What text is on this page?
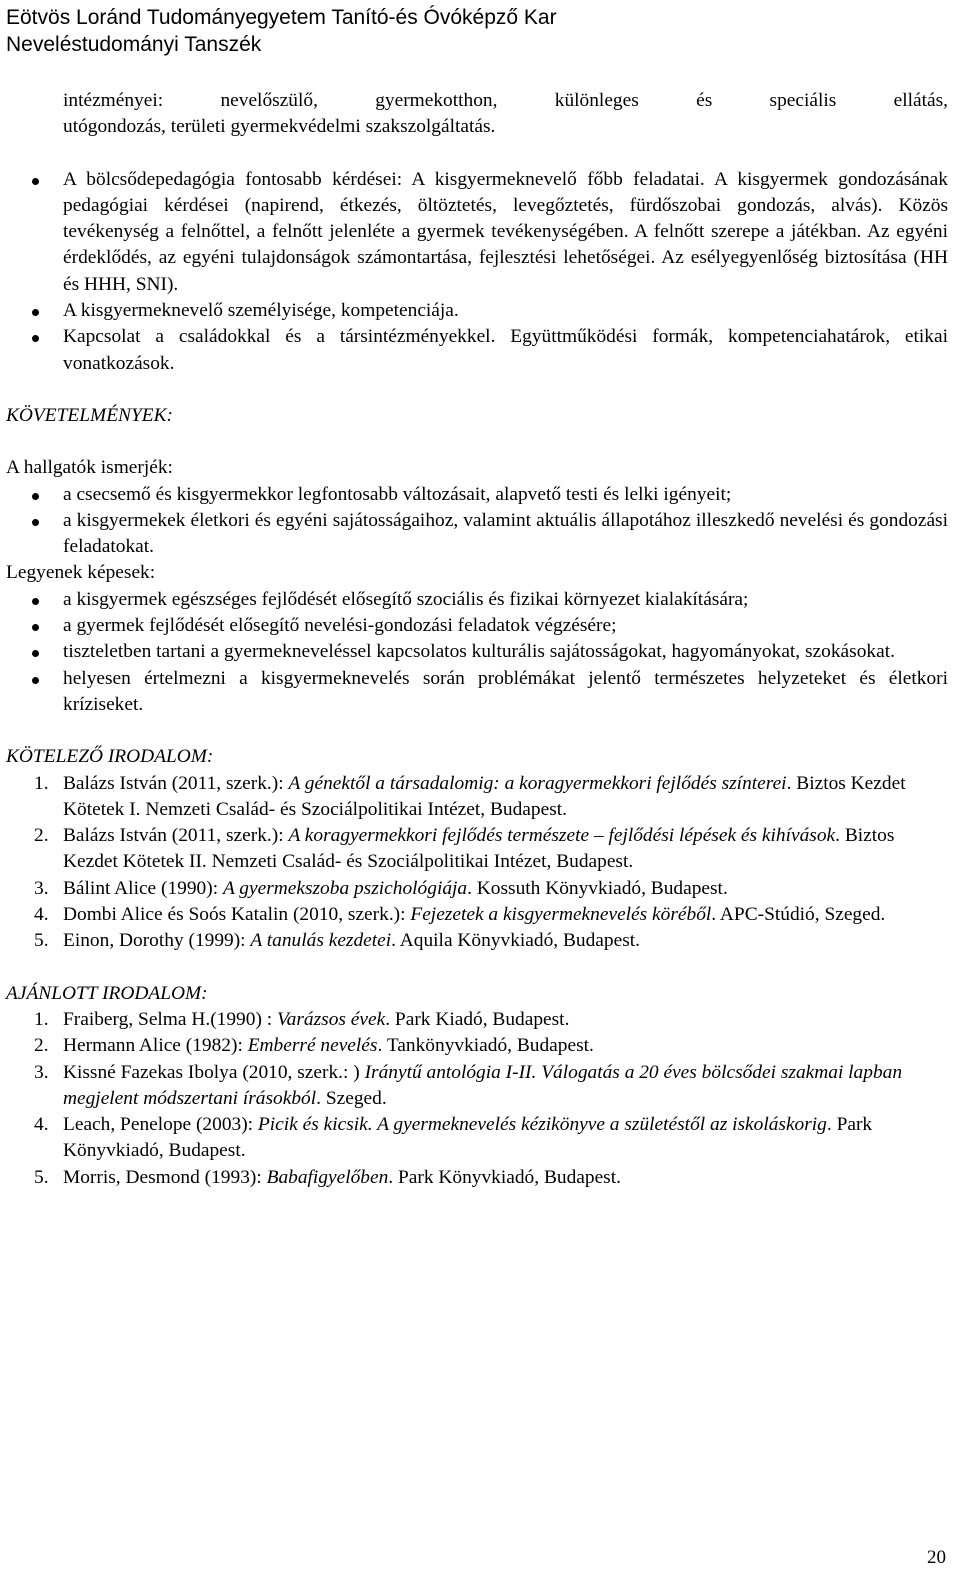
Eötvös Loránd Tudományegyetem Tanító-és Óvóképző Kar
Neveléstudományi Tanszék
intézményei: nevelőszülő, gyermekotthon, különleges és speciális ellátás,
utógondozás, területi gyermekvédelmi szakszolgáltatás.
A bölcsődepedagógia fontosabb kérdései: A kisgyermeknevelő főbb feladatai. A kisgyermek gondozásának pedagógiai kérdései (napirend, étkezés, öltöztetés, levegőztetés, fürdőszobai gondozás, alvás). Közös tevékenység a felnőttel, a felnőtt jelenléte a gyermek tevékenységében. A felnőtt szerepe a játékban. Az egyéni érdeklődés, az egyéni tulajdonságok számontartása, fejlesztési lehetőségei. Az esélyegyenlőség biztosítása (HH és HHH, SNI).
A kisgyermeknevelő személyisége, kompetenciája.
Kapcsolat a családokkal és a társintézményekkel. Együttműködési formák, kompetenciahatárok, etikai vonatkozások.
KÖVETELMÉNYEK:
A hallgatók ismerjék:
a csecsemő és kisgyermekkor legfontosabb változásait, alapvető testi és lelki igényeit;
a kisgyermekek életkori és egyéni sajátosságaihoz, valamint aktuális állapotához illeszkedő nevelési és gondozási feladatokat.
Legyenek képesek:
a kisgyermek egészséges fejlődését elősegítő szociális és fizikai környezet kialakítására;
a gyermek fejlődését elősegítő nevelési-gondozási feladatok végzésére;
tiszteletben tartani a gyermekneveléssel kapcsolatos kulturális sajátosságokat, hagyományokat, szokásokat.
helyesen értelmezni a kisgyermeknevelés során problémákat jelentő természetes helyzeteket és életkori kríziseket.
KÖTELEZŐ IRODALOM:
1. Balázs István (2011, szerk.): A génektől a társadalomig: a koragyermekkori fejlődés színterei. Biztos Kezdet Kötetek I. Nemzeti Család- és Szociálpolitikai Intézet, Budapest.
2. Balázs István (2011, szerk.): A koragyermekkori fejlődés természete – fejlődési lépések és kihívások. Biztos Kezdet Kötetek II. Nemzeti Család- és Szociálpolitikai Intézet, Budapest.
3. Bálint Alice (1990): A gyermekszoba pszichológiája. Kossuth Könyvkiadó, Budapest.
4. Dombi Alice és Soós Katalin (2010, szerk.): Fejezetek a kisgyermeknevelés köréből. APC-Stúdió, Szeged.
5. Einon, Dorothy (1999): A tanulás kezdetei. Aquila Könyvkiadó, Budapest.
AJÁNLOTT IRODALOM:
1. Fraiberg, Selma H.(1990) : Varázsos évek. Park Kiadó, Budapest.
2. Hermann Alice (1982): Emberré nevelés. Tankönyvkiadó, Budapest.
3. Kissné Fazekas Ibolya (2010, szerk.: ) Iránytű antológia I-II. Válogatás a 20 éves bölcsődei szakmai lapban megjelent módszertani írásokból. Szeged.
4. Leach, Penelope (2003): Picik és kicsik. A gyermeknevelés kézikönyve a születéstől az iskoláskorig. Park Könyvkiadó, Budapest.
5. Morris, Desmond (1993): Babafigyelőben. Park Könyvkiadó, Budapest.
20
